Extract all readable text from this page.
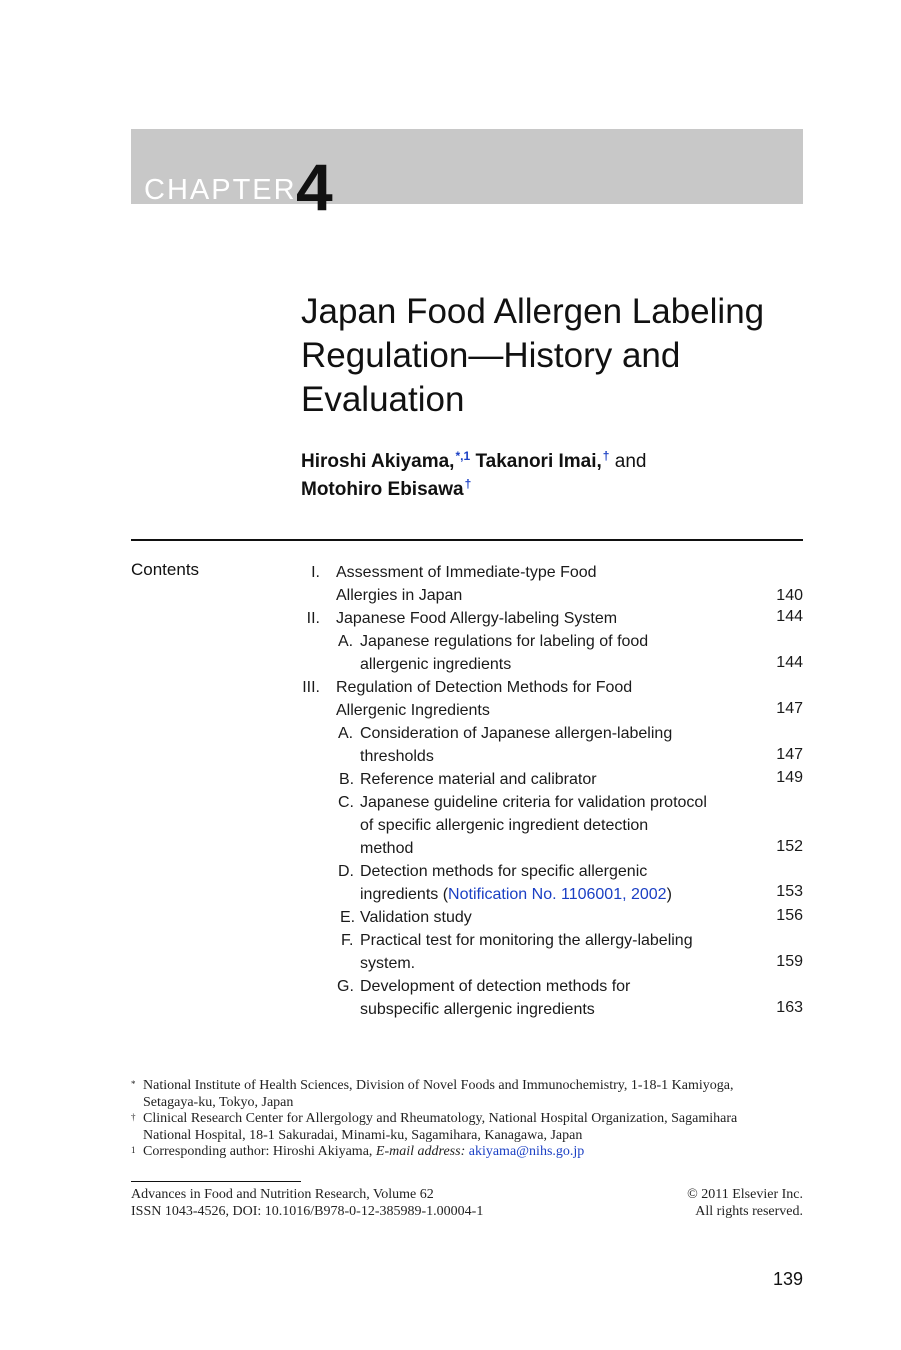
CHAPTER 4
Japan Food Allergen Labeling
Regulation—History and
Evaluation
Hiroshi Akiyama,$^{*,1}$ Takanori Imai,† and
Motohiro Ebisawa†
Contents	I. Assessment of Immediate-type Food
Allergies in Japan	140
II. Japanese Food Allergy-labeling System	144
A. Japanese regulations for labeling of food
allergenic ingredients	144
III. Regulation of Detection Methods for Food
Allergenic Ingredients	147
A. Consideration of Japanese allergen-labeling
thresholds	147
B. Reference material and calibrator	149
C. Japanese guideline criteria for validation protocol
of specific allergenic ingredient detection
method	152
D. Detection methods for specific allergenic
ingredients (Notification No. 1106001, 2002)	153
E. Validation study	156
F. Practical test for monitoring the allergy-labeling
system.	159
G. Development of detection methods for
subspecific allergenic ingredients	163
* National Institute of Health Sciences, Division of Novel Foods and Immunochemistry, 1-18-1 Kamiyoga,
Setagaya-ku, Tokyo, Japan
† Clinical Research Center for Allergology and Rheumatology, National Hospital Organization, Sagamihara
National Hospital, 18-1 Sakuradai, Minami-ku, Sagamihara, Kanagawa, Japan
1 Corresponding author: Hiroshi Akiyama, E-mail address: akiyama@nihs.go.jp
Advances in Food and Nutrition Research, Volume 62
ISSN 1043-4526, DOI: 10.1016/B978-0-12-385989-1.00004-1
© 2011 Elsevier Inc.
All rights reserved.
139
